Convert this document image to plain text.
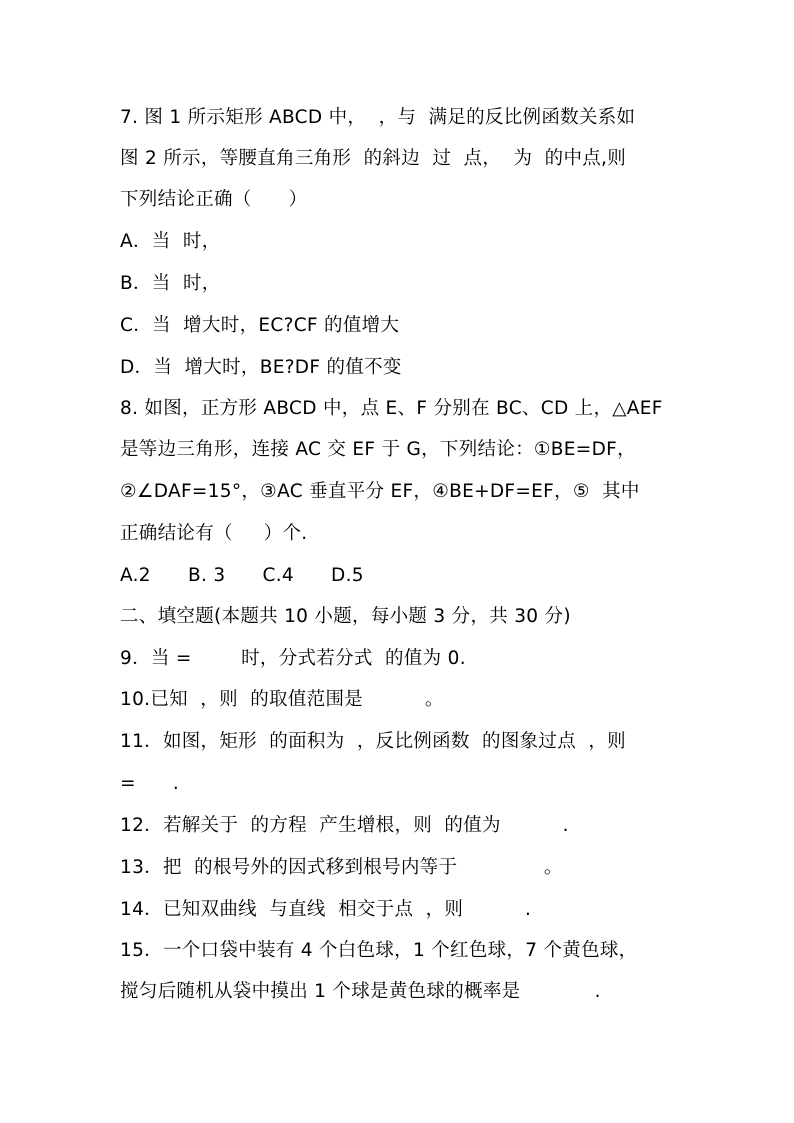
7. 图 1 所示矩形 ABCD 中，  ，与  满足的反比例函数关系如
图 2 所示，等腰直角三角形  的斜边  过  点，  为  的中点,则
下列结论正确（      ）
A．当  时，
B．当  时，
C．当  增大时，EC?CF 的值增大
D．当  增大时，BE?DF 的值不变
8. 如图，正方形 ABCD 中，点 E、F 分别在 BC、CD 上，△AEF
是等边三角形，连接 AC 交 EF 于 G，下列结论：①BE=DF，
②∠DAF=15°，③AC 垂直平分 EF，④BE+DF=EF，⑤  其中
正确结论有（     ）个.
A.2      B. 3      C.4      D.5
二、填空题(本题共 10 小题，每小题 3 分，共 30 分)
9．当 =        时，分式若分式  的值为 0.
10.已知  ，则  的取值范围是          。
11．如图，矩形  的面积为  ，反比例函数  的图象过点  ，则
=      .
12．若解关于  的方程  产生增根，则  的值为          .
13．把  的根号外的因式移到根号内等于              。
14．已知双曲线  与直线  相交于点  ，则          .
15．一个口袋中装有 4 个白色球，1 个红色球，7 个黄色球，
搅匀后随机从袋中摸出 1 个球是黄色球的概率是            .
